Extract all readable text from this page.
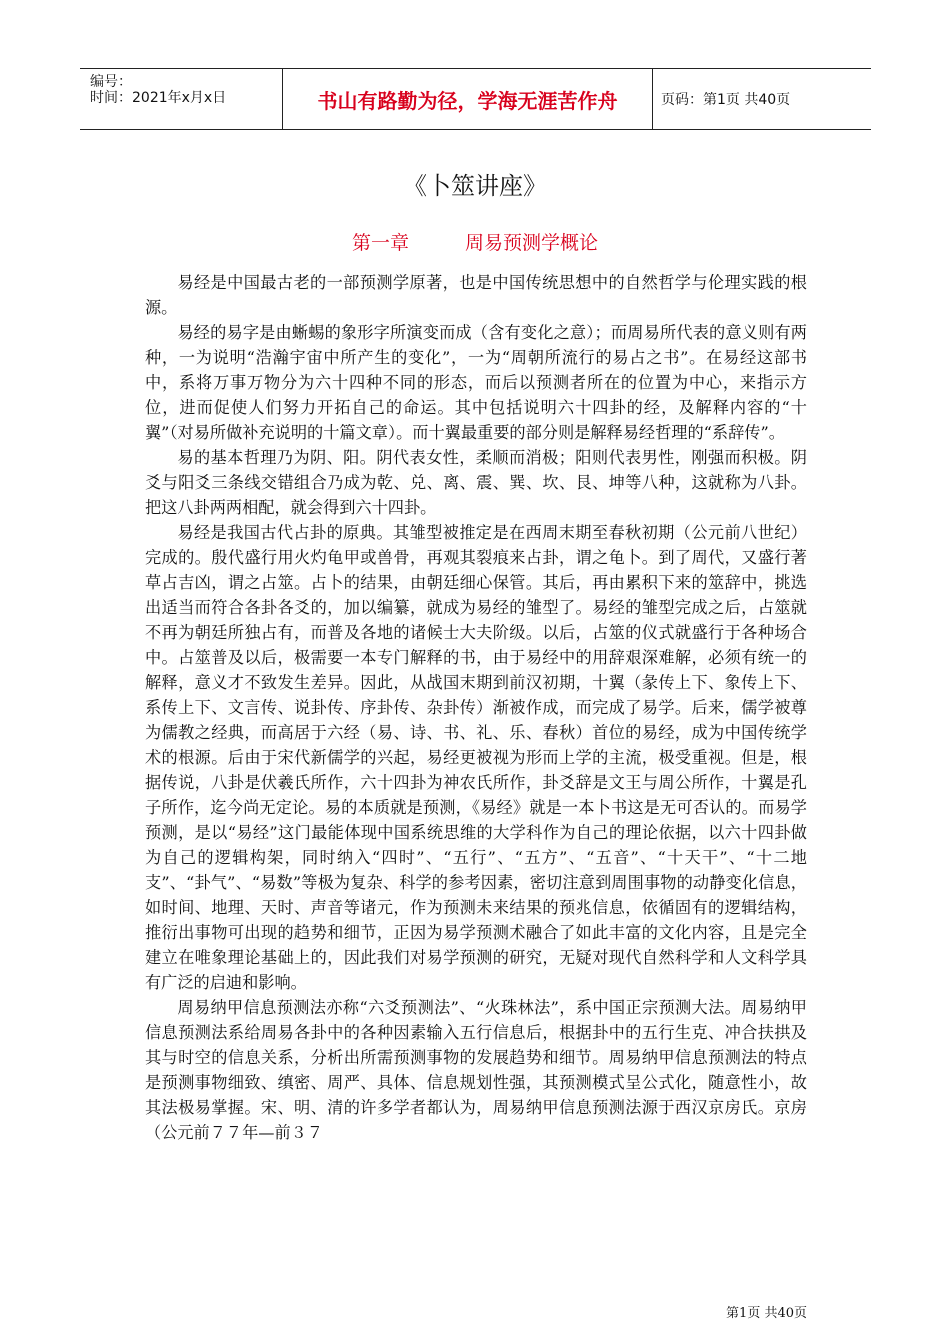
编号：
时间：2021年x月x日	书山有路勤为径，学海无涯苦作舟	页码：第1页 共40页
《卜筮讲座》
第一章	周易预测学概论

易经是中国最古老的一部预测学原著，也是中国传统思想中的自然哲学与伦理实践的根源。

易经的易字是由蜥蜴的象形字所演变而成（含有变化之意）；而周易所代表的意义则有两种，一为说明“浩瀚宇宙中所产生的变化”，一为“周朝所流行的易占之书”。在易经这部书中，系将万事万物分为六十四种不同的形态，而后以预测者所在的位置为中心，来指示方位，进而促使人们努力开拓自己的命运。其中包括说明六十四卦的经，及解释内容的“十翼”（对易所做补充说明的十篇文章）。而十翼最重要的部分则是解释易经哲理的“系辞传”。

易的基本哲理乃为阴、阳。阴代表女性，柔顺而消极；阳则代表男性，刚强而积极。阴爻与阳爻三条线交错组合乃成为乾、兑、离、震、巽、坎、艮、坤等八种，这就称为八卦。把这八卦两两相配，就会得到六十四卦。

易经是我国古代占卦的原典。其雏型被推定是在西周末期至春秋初期（公元前八世纪）完成的。殷代盛行用火灼龟甲或兽骨，再观其裂痕来占卦，谓之龟卜。到了周代，又盛行著草占吉凶，谓之占筮。占卜的结果，由朝廷细心保管。其后，再由累积下来的筮辞中，挑选出适当而符合各卦各爻的，加以编纂，就成为易经的雏型了。易经的雏型完成之后，占筮就不再为朝廷所独占有，而普及各地的诸候士大夫阶级。以后，占筮的仪式就盛行于各种场合中。占筮普及以后，极需要一本专门解释的书，由于易经中的用辞艰深难解，必须有统一的解释，意义才不致发生差异。因此，从战国末期到前汉初期，十翼（彖传上下、象传上下、系传上下、文言传、说卦传、序卦传、杂卦传）渐被作成，而完成了易学。后来，儒学被尊为儒教之经典，而高居于六经（易、诗、书、礼、乐、春秋）首位的易经，成为中国传统学术的根源。后由于宋代新儒学的兴起，易经更被视为形而上学的主流，极受重视。但是，根据传说，八卦是伏羲氏所作，六十四卦为神农氏所作，卦爻辞是文王与周公所作，十翼是孔子所作，迄今尚无定论。易的本质就是预测，《易经》就是一本卜书这是无可否认的。而易学预测，是以“易经”这门最能体现中国系统思维的大学科作为自己的理论依据，以六十四卦做为自己的逻辑构架，同时纳入“四时”、“五行”、“五方”、“五音”、“十天干”、“十二地支”、“卦气”、“易数”等极为复杂、科学的参考因素，密切注意到周围事物的动静变化信息，如时间、地理、天时、声音等诸元，作为预测未来结果的预兆信息，依循固有的逻辑结构，推衍出事物可出现的趋势和细节，正因为易学预测术融合了如此丰富的文化内容，且是完全建立在唯象理论基础上的，因此我们对易学预测的研究，无疑对现代自然科学和人文科学具有广泛的启迪和影响。

周易纳甲信息预测法亦称“六爻预测法”、“火珠林法”，系中国正宗预测大法。周易纳甲信息预测法系给周易各卦中的各种因素输入五行信息后，根据卦中的五行生克、冲合扶拱及其与时空的信息关系，分析出所需预测事物的发展趋势和细节。周易纳甲信息预测法的特点是预测事物细致、缜密、周严、具体、信息规划性强，其预测模式呈公式化，随意性小，故其法极易掌握。宋、明、清的许多学者都认为，周易纳甲信息预测法源于西汉京房氏。京房（公元前７７年—前３７

第1页 共40页
